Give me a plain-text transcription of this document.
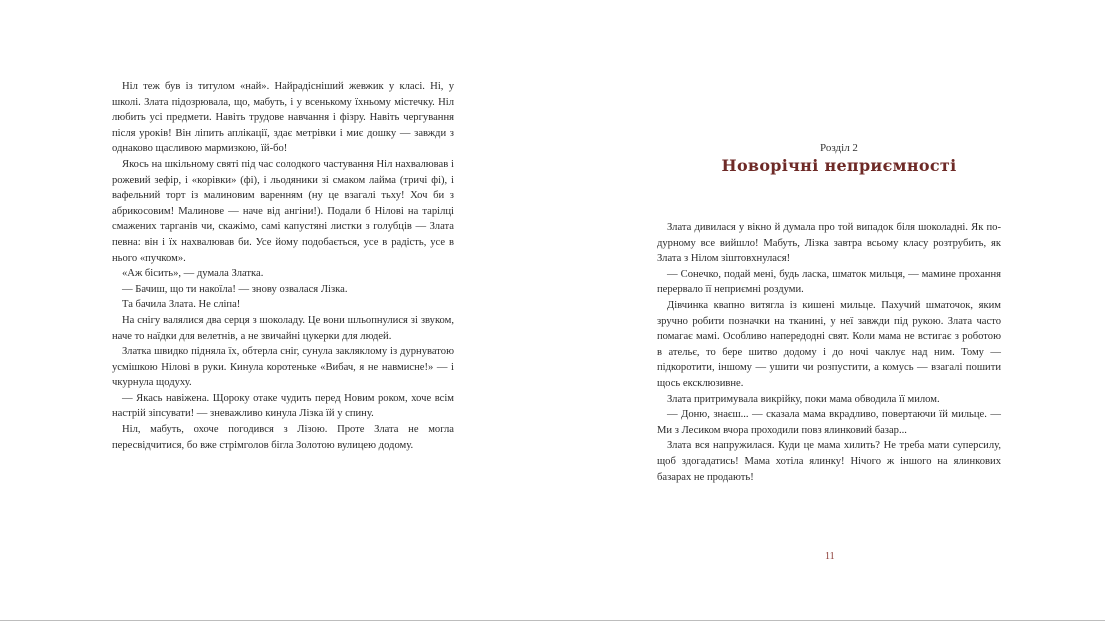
Ніл теж був із титулом «най». Найрадісніший жевжик у класі. Ні, у школі. Злата підозрювала, що, мабуть, і у всенькому їхньому містечку. Ніл любить усі предмети. Навіть трудове навчання і фізру. Навіть чергування після уроків! Він ліпить аплікації, здає метрівки і миє дошку — завжди з однаково щасливою мармизкою, їй-бо!

Якось на шкільному святі під час солодкого частування Ніл нахвалював і рожевий зефір, і «корівки» (фі), і льодяники зі смаком лайма (тричі фі), і вафельний торт із малиновим варенням (ну це взагалі тьху! Хоч би з абрикосовим! Малинове — наче від ангіни!). Подали б Нілові на тарілці смажених тарганів чи, скажімо, самі капустяні листки з голубців — Злата певна: він і їх нахвалював би. Усе йому подобається, усе в радість, усе в нього «пучком».

«Аж бісить», — думала Златка.

— Бачиш, що ти накоїла! — знову озвалася Лізка.

Та бачила Злата. Не сліпа!

На снігу валялися два серця з шоколаду. Це вони шльопнулися зі звуком, наче то наїдки для велетнів, а не звичайні цукерки для людей.

Златка швидко підняла їх, обтерла сніг, сунула заклякломy із дурнуватою усмішкою Нілові в руки. Кинула коротеньке «Вибач, я не навмисне!» — і чкурнула щодуху.

— Якась навіжена. Щороку отаке чудить перед Новим роком, хоче всім настрій зіпсувати! — зневажливо кинула Лізка їй у спину.

Ніл, мабуть, охоче погодився з Лізою. Проте Злата не могла пересвідчитися, бо вже стрімголов бігла Золотою вулицею додому.

Розділ 2
Новорічні неприємності

Злата дивилася у вікно й думала про той випадок біля шоколадні. Як по-дурному все вийшло! Мабуть, Лізка завтра всьому класу розтрубить, як Злата з Нілом зіштовхнулася!

— Сонечко, подай мені, будь ласка, шматок мильця, — мамине прохання перервало її неприємні роздуми.

Дівчинка квапно витягла із кишені мильце. Пахучий шматочок, яким зручно робити позначки на тканині, у неї завжди під рукою. Злата часто помагає мамі. Особливо напередодні свят. Коли мама не встигає з роботою в ательє, то бере шитво додому і до ночі чаклує над ним. Тому — підкоротити, іншому — ушити чи розпустити, а комусь — взагалі пошити щось ексклюзивне.

Злата притримувала викрійку, поки мама обводила її милом.

— Доню, знаєш... — сказала мама вкрадливо, повертаючи їй мильце. — Ми з Лесиком вчора проходили повз ялинковий базар...

Злата вся напружилася. Куди це мама хилить? Не треба мати суперсилу, щоб здогадатись! Мама хотіла ялинку! Нічого ж іншого на ялинкових базарах не продають!

11
